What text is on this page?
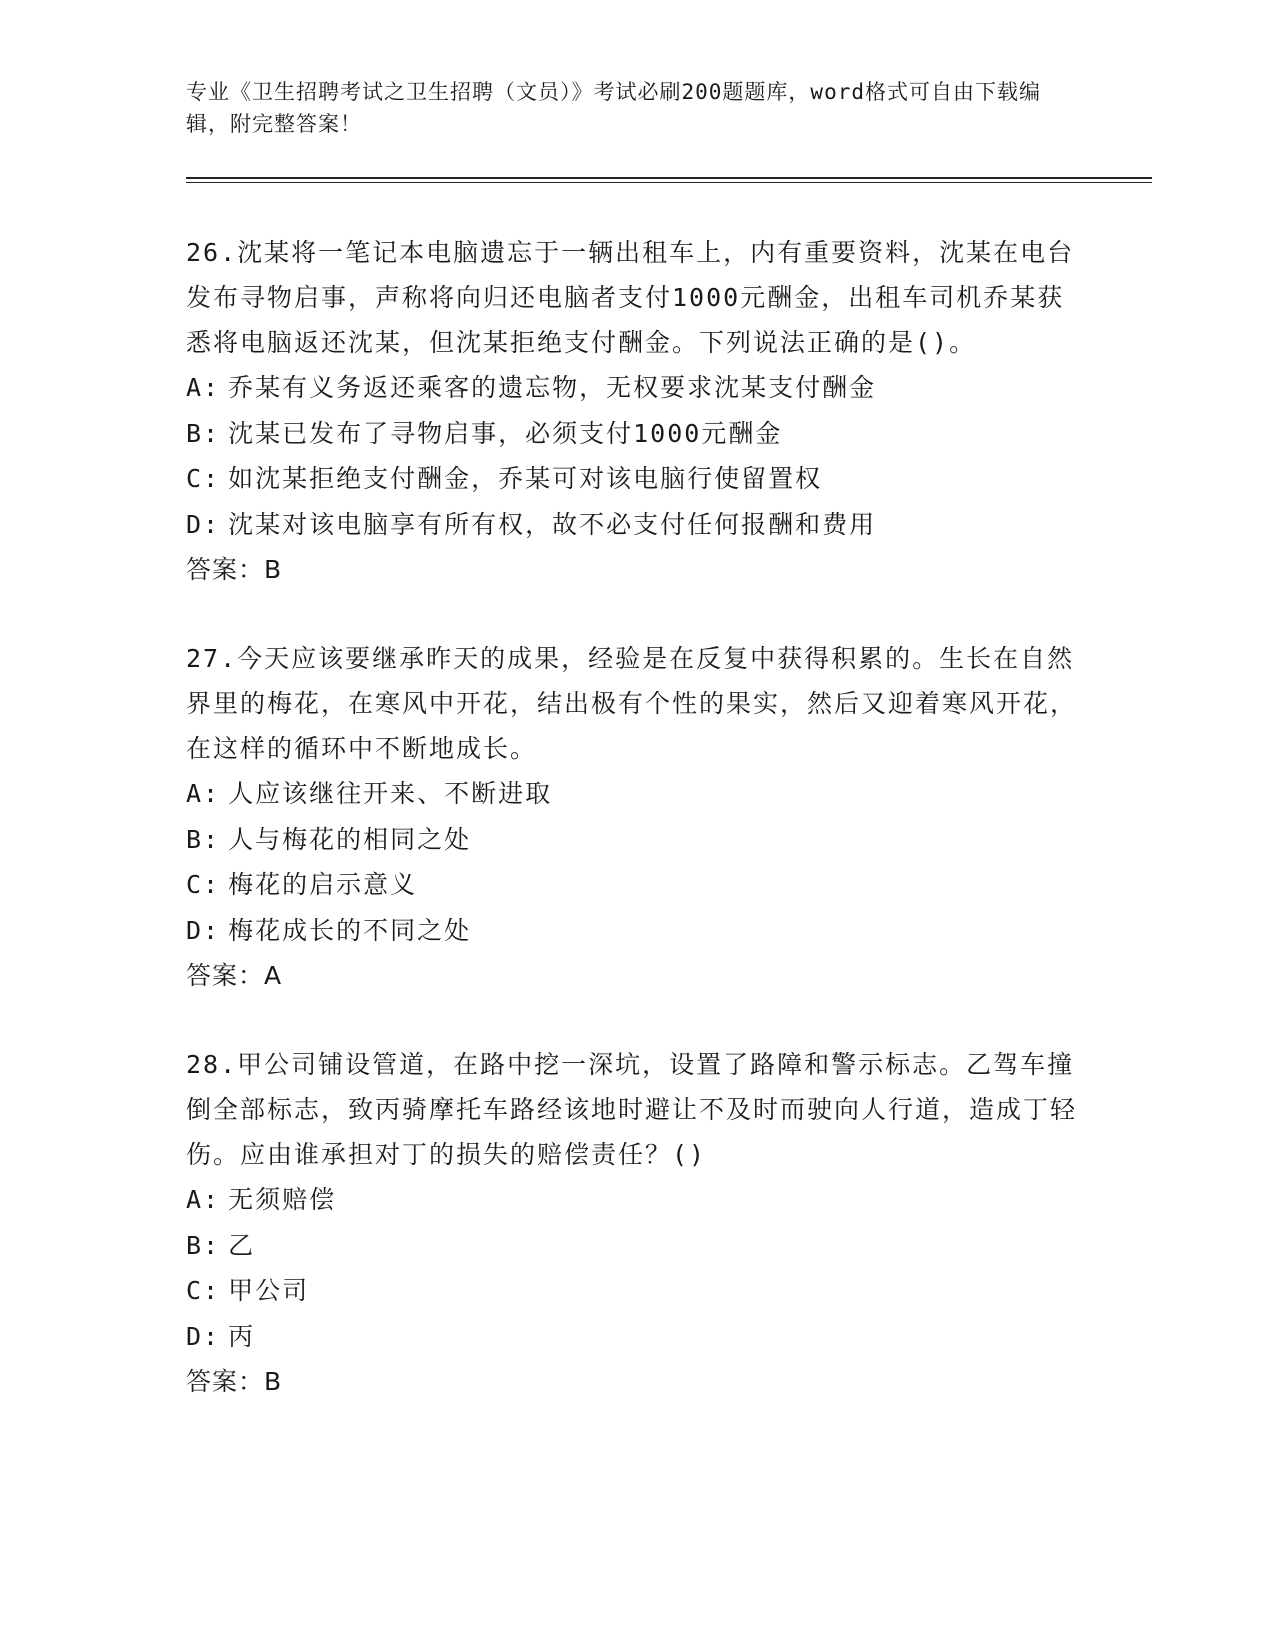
专业《卫生招聘考试之卫生招聘（文员）》考试必刷200题题库，word格式可自由下载编辑，附完整答案！

26.沈某将一笔记本电脑遗忘于一辆出租车上，内有重要资料，沈某在电台发布寻物启事，声称将向归还电脑者支付1000元酬金，出租车司机乔某获悉将电脑返还沈某，但沈某拒绝支付酬金。下列说法正确的是()。

A: 乔某有义务返还乘客的遗忘物，无权要求沈某支付酬金

B: 沈某已发布了寻物启事，必须支付1000元酬金

C: 如沈某拒绝支付酬金，乔某可对该电脑行使留置权

D: 沈某对该电脑享有所有权，故不必支付任何报酬和费用

答案：B

27.今天应该要继承昨天的成果，经验是在反复中获得积累的。生长在自然界里的梅花，在寒风中开花，结出极有个性的果实，然后又迎着寒风开花，在这样的循环中不断地成长。

A: 人应该继往开来、不断进取

B: 人与梅花的相同之处

C: 梅花的启示意义

D: 梅花成长的不同之处

答案：A

28.甲公司铺设管道，在路中挖一深坑，设置了路障和警示标志。乙驾车撞倒全部标志，致丙骑摩托车路经该地时避让不及时而驶向人行道，造成丁轻伤。应由谁承担对丁的损失的赔偿责任？()

A: 无须赔偿

B: 乙

C: 甲公司

D: 丙

答案：B
